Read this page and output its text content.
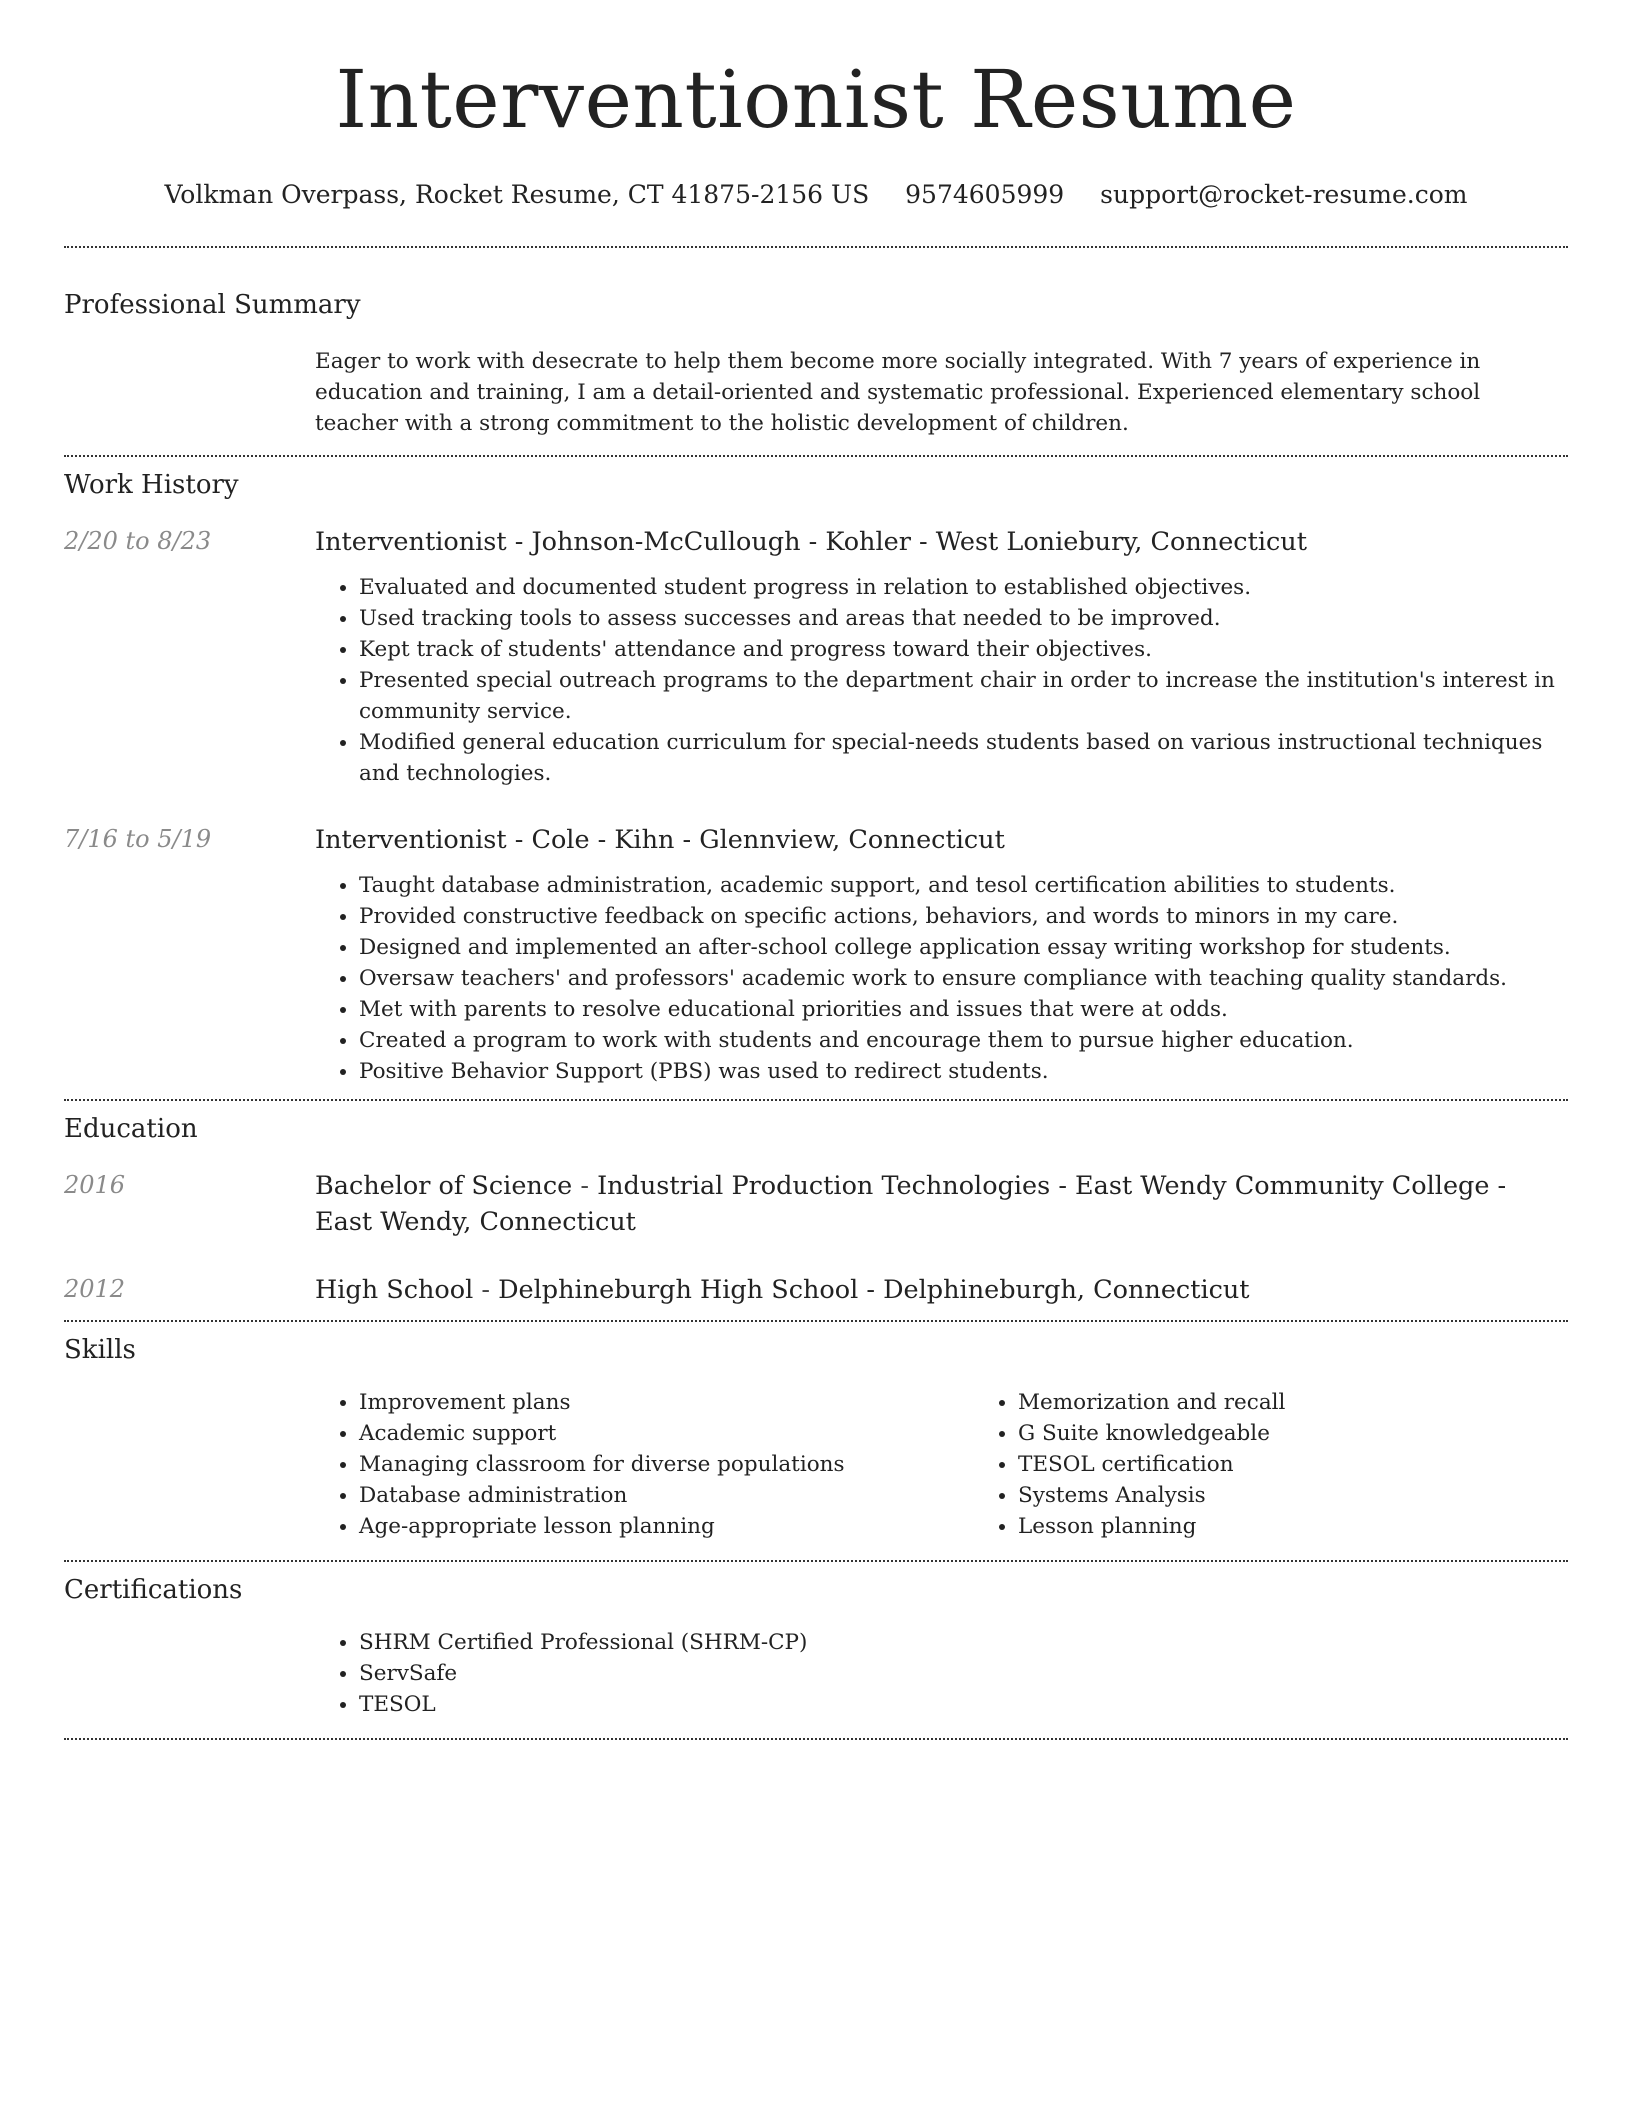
Interventionist Resume
Volkman Overpass, Rocket Resume, CT 41875-2156 US 9574605999 support@rocket-resume.com
Professional Summary
Eager to work with desecrate to help them become more socially integrated. With 7 years of experience in education and training, I am a detail-oriented and systematic professional. Experienced elementary school teacher with a strong commitment to the holistic development of children.
Work History
2/20 to 8/23	Interventionist - Johnson-McCullough - Kohler - West Loniebury, Connecticut
• Evaluated and documented student progress in relation to established objectives.
• Used tracking tools to assess successes and areas that needed to be improved.
• Kept track of students' attendance and progress toward their objectives.
• Presented special outreach programs to the department chair in order to increase the institution's interest in community service.
• Modified general education curriculum for special-needs students based on various instructional techniques and technologies.
7/16 to 5/19	Interventionist - Cole - Kihn - Glennview, Connecticut
• Taught database administration, academic support, and tesol certification abilities to students.
• Provided constructive feedback on specific actions, behaviors, and words to minors in my care.
• Designed and implemented an after-school college application essay writing workshop for students.
• Oversaw teachers' and professors' academic work to ensure compliance with teaching quality standards.
• Met with parents to resolve educational priorities and issues that were at odds.
• Created a program to work with students and encourage them to pursue higher education.
• Positive Behavior Support (PBS) was used to redirect students.
Education
2016	Bachelor of Science - Industrial Production Technologies - East Wendy Community College - East Wendy, Connecticut
2012	High School - Delphineburgh High School - Delphineburgh, Connecticut
Skills
• Improvement plans
• Academic support
• Managing classroom for diverse populations
• Database administration
• Age-appropriate lesson planning
• Memorization and recall
• G Suite knowledgeable
• TESOL certification
• Systems Analysis
• Lesson planning
Certifications
• SHRM Certified Professional (SHRM-CP)
• ServSafe
• TESOL
